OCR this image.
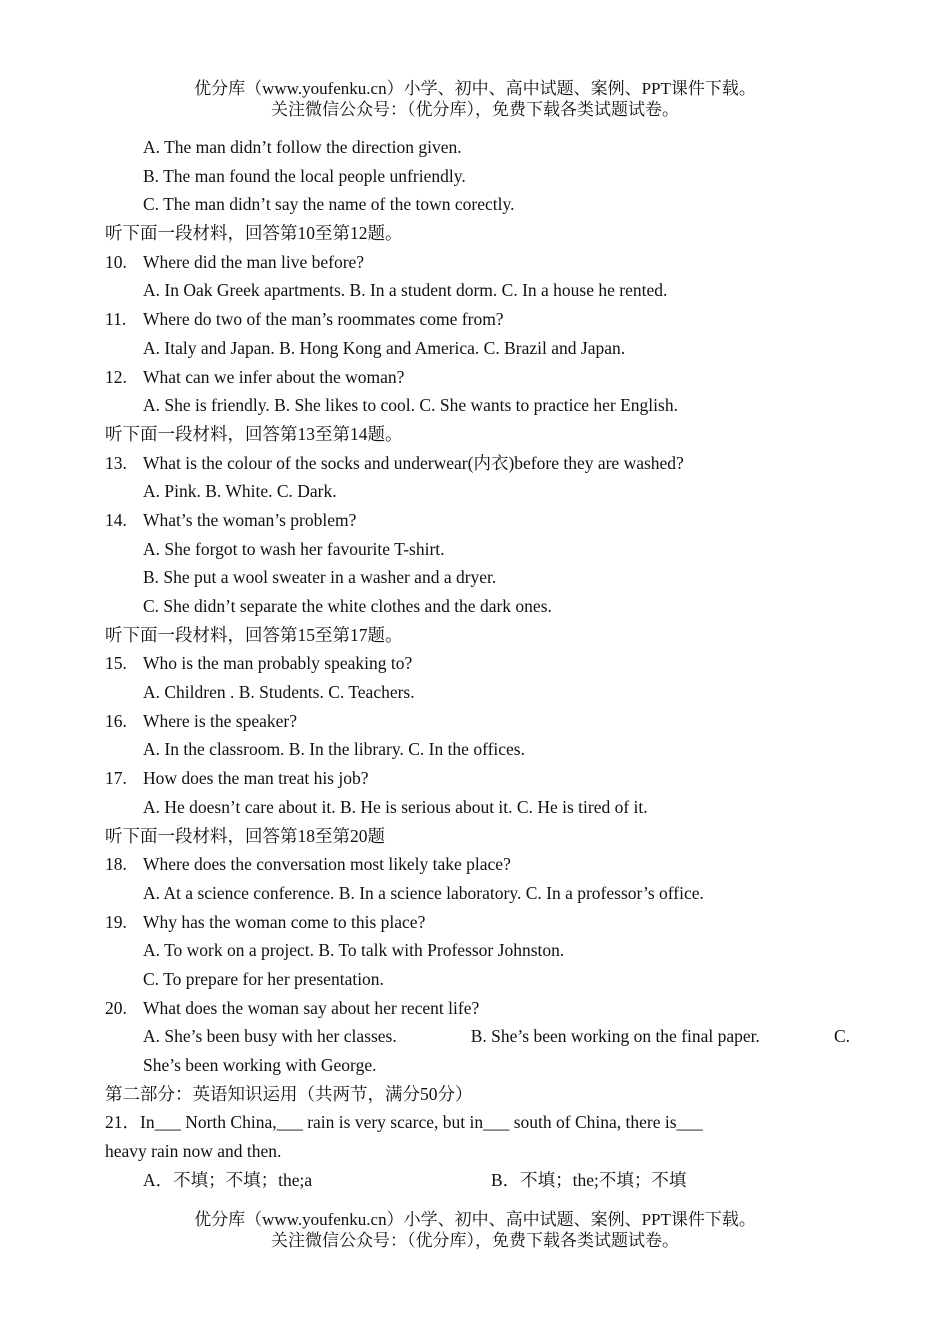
优分库（www.youfenku.cn）小学、初中、高中试题、案例、PPT课件下载。
关注微信公众号：（优分库），免费下载各类试题试卷。
A. The man didn’t follow the direction given.
B. The man found the local people unfriendly.
C. The man didn’t say the name of the town corectly.
听下面一段材料，回答第10至第12题。
10. Where did the man live before?
A. In Oak Greek apartments. B. In a student dorm. C. In a house he rented.
11. Where do two of the man’s roommates come from?
A. Italy and Japan. B. Hong Kong and America. C. Brazil and Japan.
12. What can we infer about the woman?
A. She is friendly. B. She likes to cool. C. She wants to practice her English.
听下面一段材料，回答第13至第14题。
13. What is the colour of the socks and underwear(内衣)before they are washed?
A. Pink. B. White. C. Dark.
14. What’s the woman’s problem?
A. She forgot to wash her favourite T-shirt.
B. She put a wool sweater in a washer and a dryer.
C. She didn’t separate the white clothes and the dark ones.
听下面一段材料，回答第15至第17题。
15. Who is the man probably speaking to?
A. Children . B. Students. C. Teachers.
16. Where is the speaker?
A. In the classroom. B. In the library. C. In the offices.
17. How does the man treat his job?
A. He doesn’t care about it. B. He is serious about it. C. He is tired of it.
听下面一段材料，回答第18至第20题
18. Where does the conversation most likely take place?
A. At a science conference. B. In a science laboratory. C. In a professor’s office.
19. Why has the woman come to this place?
A. To work on a project. B. To talk with Professor Johnston.
C. To prepare for her presentation.
20. What does the woman say about her recent life?
A. She’s been busy with her classes.	B. She’s been working on the final paper.	C.
She’s been working with George.
第二部分：英语知识运用（共两节，满分50分）
21．In___ North China,___ rain is very scarce, but in___ south of China, there is___
heavy rain now and then.
A．不填；不填；the;a	B．不填；the;不填；不填
优分库（www.youfenku.cn）小学、初中、高中试题、案例、PPT课件下载。
关注微信公众号：（优分库），免费下载各类试题试卷。
